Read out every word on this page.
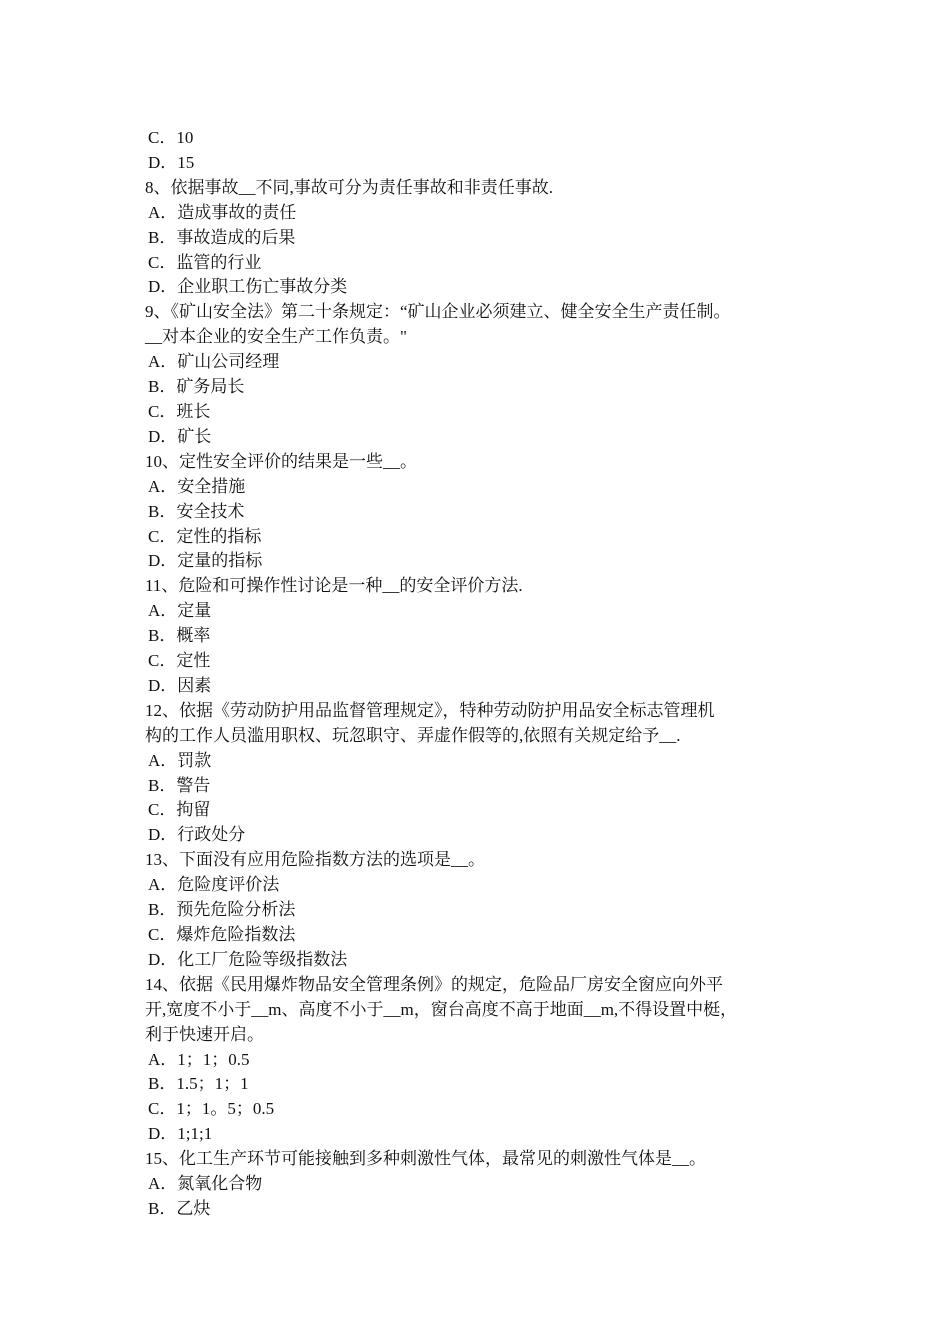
C．10

D．15

8、依据事故__不同,事故可分为责任事故和非责任事故.

A．造成事故的责任

B．事故造成的后果

C．监管的行业

D．企业职工伤亡事故分类

9、《矿山安全法》第二十条规定：“矿山企业必须建立、健全安全生产责任制。

__对本企业的安全生产工作负责。"

A．矿山公司经理

B．矿务局长

C．班长

D．矿长

10、定性安全评价的结果是一些__。

A．安全措施

B．安全技术

C．定性的指标

D．定量的指标

11、危险和可操作性讨论是一种__的安全评价方法.

A．定量

B．概率

C．定性

D．因素

12、依据《劳动防护用品监督管理规定》，特种劳动防护用品安全标志管理机

构的工作人员滥用职权、玩忽职守、弄虚作假等的,依照有关规定给予__.

A．罚款

B．警告

C．拘留

D．行政处分

13、下面没有应用危险指数方法的选项是__。

A．危险度评价法

B．预先危险分析法

C．爆炸危险指数法

D．化工厂危险等级指数法

14、依据《民用爆炸物品安全管理条例》的规定，危险品厂房安全窗应向外平

开,宽度不小于__m、高度不小于__m，窗台高度不高于地面__m,不得设置中梃，

利于快速开启。

A．1；1；0.5

B．1.5；1；1

C．1；1。5；0.5

D．1;1;1

15、化工生产环节可能接触到多种刺激性气体，最常见的刺激性气体是__。

A．氮氧化合物

B．乙炔
